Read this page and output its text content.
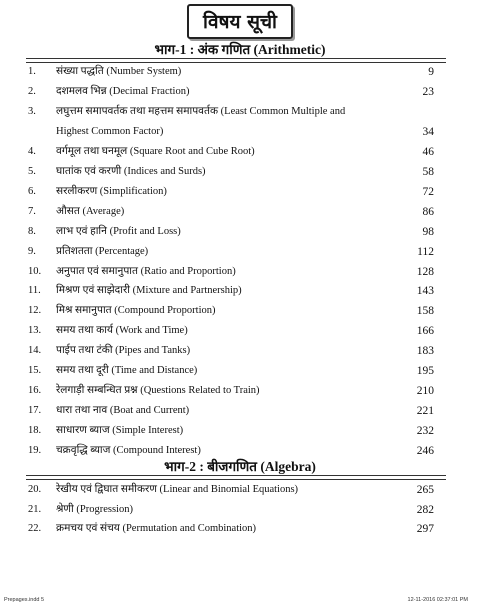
विषय सूची
भाग-1 : अंक गणित (Arithmetic)
1.	संख्या पद्धति (Number System)	9
2.	दशमलव भिन्न (Decimal Fraction)	23
3.	लघुत्तम समापवर्तक तथा महत्तम समापवर्तक (Least Common Multiple and
Highest Common Factor)	34
4.	वर्गमूल तथा घनमूल (Square Root and Cube Root)	46
5.	घातांक एवं करणी (Indices and Surds)	58
6.	सरलीकरण (Simplification)	72
7.	औसत (Average)	86
8.	लाभ एवं हानि (Profit and Loss)	98
9.	प्रतिशतता (Percentage)	112
10.	अनुपात एवं समानुपात (Ratio and Proportion)	128
11.	मिश्रण एवं साझेदारी (Mixture and Partnership)	143
12.	मिश्र समानुपात (Compound Proportion)	158
13.	समय तथा कार्य (Work and Time)	166
14.	पाईप तथा टंकी (Pipes and Tanks)	183
15.	समय तथा दूरी (Time and Distance)	195
16.	रेलगाड़ी सम्बन्धित प्रश्न (Questions Related to Train)	210
17.	धारा तथा नाव (Boat and Current)	221
18.	साधारण ब्याज (Simple Interest)	232
19.	चक्रवृद्धि ब्याज (Compound Interest)	246
भाग-2 : बीजगणित (Algebra)
20.	रेखीय एवं द्विघात समीकरण (Linear and Binomial Equations)	265
21.	श्रेणी (Progression)	282
22.	क्रमचय एवं संचय (Permutation and Combination)	297
Prepages.indd 5	12-11-2016 02:37:01 PM
